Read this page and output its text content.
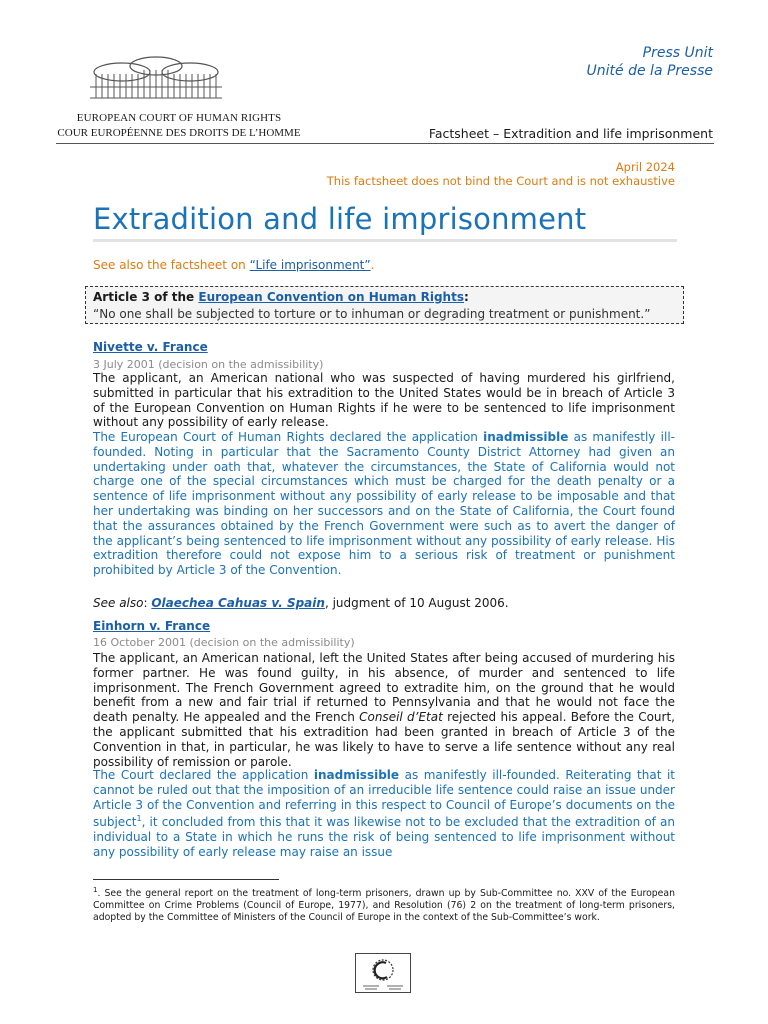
EUROPEAN COURT OF HUMAN RIGHTS
COUR EUROPÉENNE DES DROITS DE L’HOMME
Press Unit
Unité de la Presse
Factsheet – Extradition and life imprisonment
April 2024
This factsheet does not bind the Court and is not exhaustive
Extradition and life imprisonment
See also the factsheet on “Life imprisonment”.
Article 3 of the European Convention on Human Rights:
“No one shall be subjected to torture or to inhuman or degrading treatment or punishment.”
Nivette v. France
3 July 2001 (decision on the admissibility)
The applicant, an American national who was suspected of having murdered his girlfriend, submitted in particular that his extradition to the United States would be in breach of Article 3 of the European Convention on Human Rights if he were to be sentenced to life imprisonment without any possibility of early release.
The European Court of Human Rights declared the application inadmissible as manifestly ill-founded. Noting in particular that the Sacramento County District Attorney had given an undertaking under oath that, whatever the circumstances, the State of California would not charge one of the special circumstances which must be charged for the death penalty or a sentence of life imprisonment without any possibility of early release to be imposable and that her undertaking was binding on her successors and on the State of California, the Court found that the assurances obtained by the French Government were such as to avert the danger of the applicant’s being sentenced to life imprisonment without any possibility of early release. His extradition therefore could not expose him to a serious risk of treatment or punishment prohibited by Article 3 of the Convention.
See also: Olaechea Cahuas v. Spain, judgment of 10 August 2006.
Einhorn v. France
16 October 2001 (decision on the admissibility)
The applicant, an American national, left the United States after being accused of murdering his former partner. He was found guilty, in his absence, of murder and sentenced to life imprisonment. The French Government agreed to extradite him, on the ground that he would benefit from a new and fair trial if returned to Pennsylvania and that he would not face the death penalty. He appealed and the French Conseil d’Etat rejected his appeal. Before the Court, the applicant submitted that his extradition had been granted in breach of Article 3 of the Convention in that, in particular, he was likely to have to serve a life sentence without any real possibility of remission or parole.
The Court declared the application inadmissible as manifestly ill-founded. Reiterating that it cannot be ruled out that the imposition of an irreducible life sentence could raise an issue under Article 3 of the Convention and referring in this respect to Council of Europe’s documents on the subject$^1$, it concluded from this that it was likewise not to be excluded that the extradition of an individual to a State in which he runs the risk of being sentenced to life imprisonment without any possibility of early release may raise an issue
$^1$. See the general report on the treatment of long-term prisoners, drawn up by Sub-Committee no. XXV of the European Committee on Crime Problems (Council of Europe, 1977), and Resolution (76) 2 on the treatment of long-term prisoners, adopted by the Committee of Ministers of the Council of Europe in the context of the Sub-Committee’s work.
